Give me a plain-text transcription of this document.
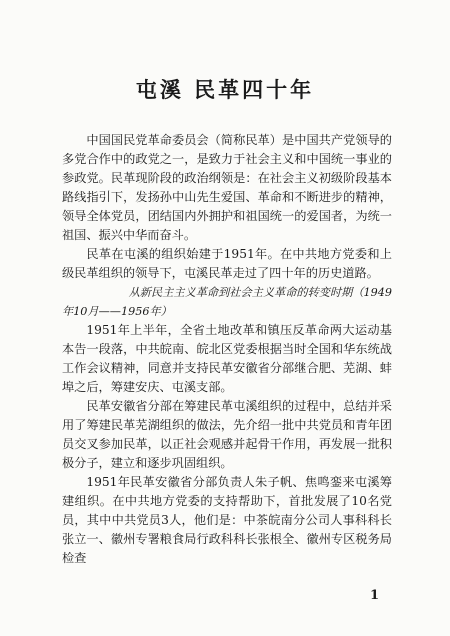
屯溪 民革四十年

中国国民党革命委员会（简称民革）是中国共产党领导的多党合作中的政党之一，是致力于社会主义和中国统一事业的参政党。民革现阶段的政治纲领是：在社会主义初级阶段基本路线指引下，发扬孙中山先生爱国、革命和不断进步的精神，领导全体党员，团结国内外拥护和祖国统一的爱国者，为统一祖国、振兴中华而奋斗。

民革在屯溪的组织始建于1951年。在中共地方党委和上级民革组织的领导下，屯溪民革走过了四十年的历史道路。

从新民主主义革命到社会主义革命的转变时期（1949

年10月——1956年）

1951年上半年，全省土地改革和镇压反革命两大运动基本告一段落，中共皖南、皖北区党委根据当时全国和华东统战工作会议精神，同意并支持民革安徽省分部继合肥、芜湖、蚌埠之后，筹建安庆、屯溪支部。

民革安徽省分部在筹建民革屯溪组织的过程中，总结并采用了筹建民革芜湖组织的做法，先介绍一批中共党员和青年团员交叉参加民革，以正社会观感并起骨干作用，再发展一批积极分子，建立和逐步巩固组织。

1951年民革安徽省分部负责人朱子帆、焦鸣銮来屯溪筹建组织。在中共地方党委的支持帮助下，首批发展了10名党员，其中中共党员3人，他们是：中茶皖南分公司人事科科长张立一、徽州专署粮食局行政科科长张根全、徽州专区税务局检查

1
